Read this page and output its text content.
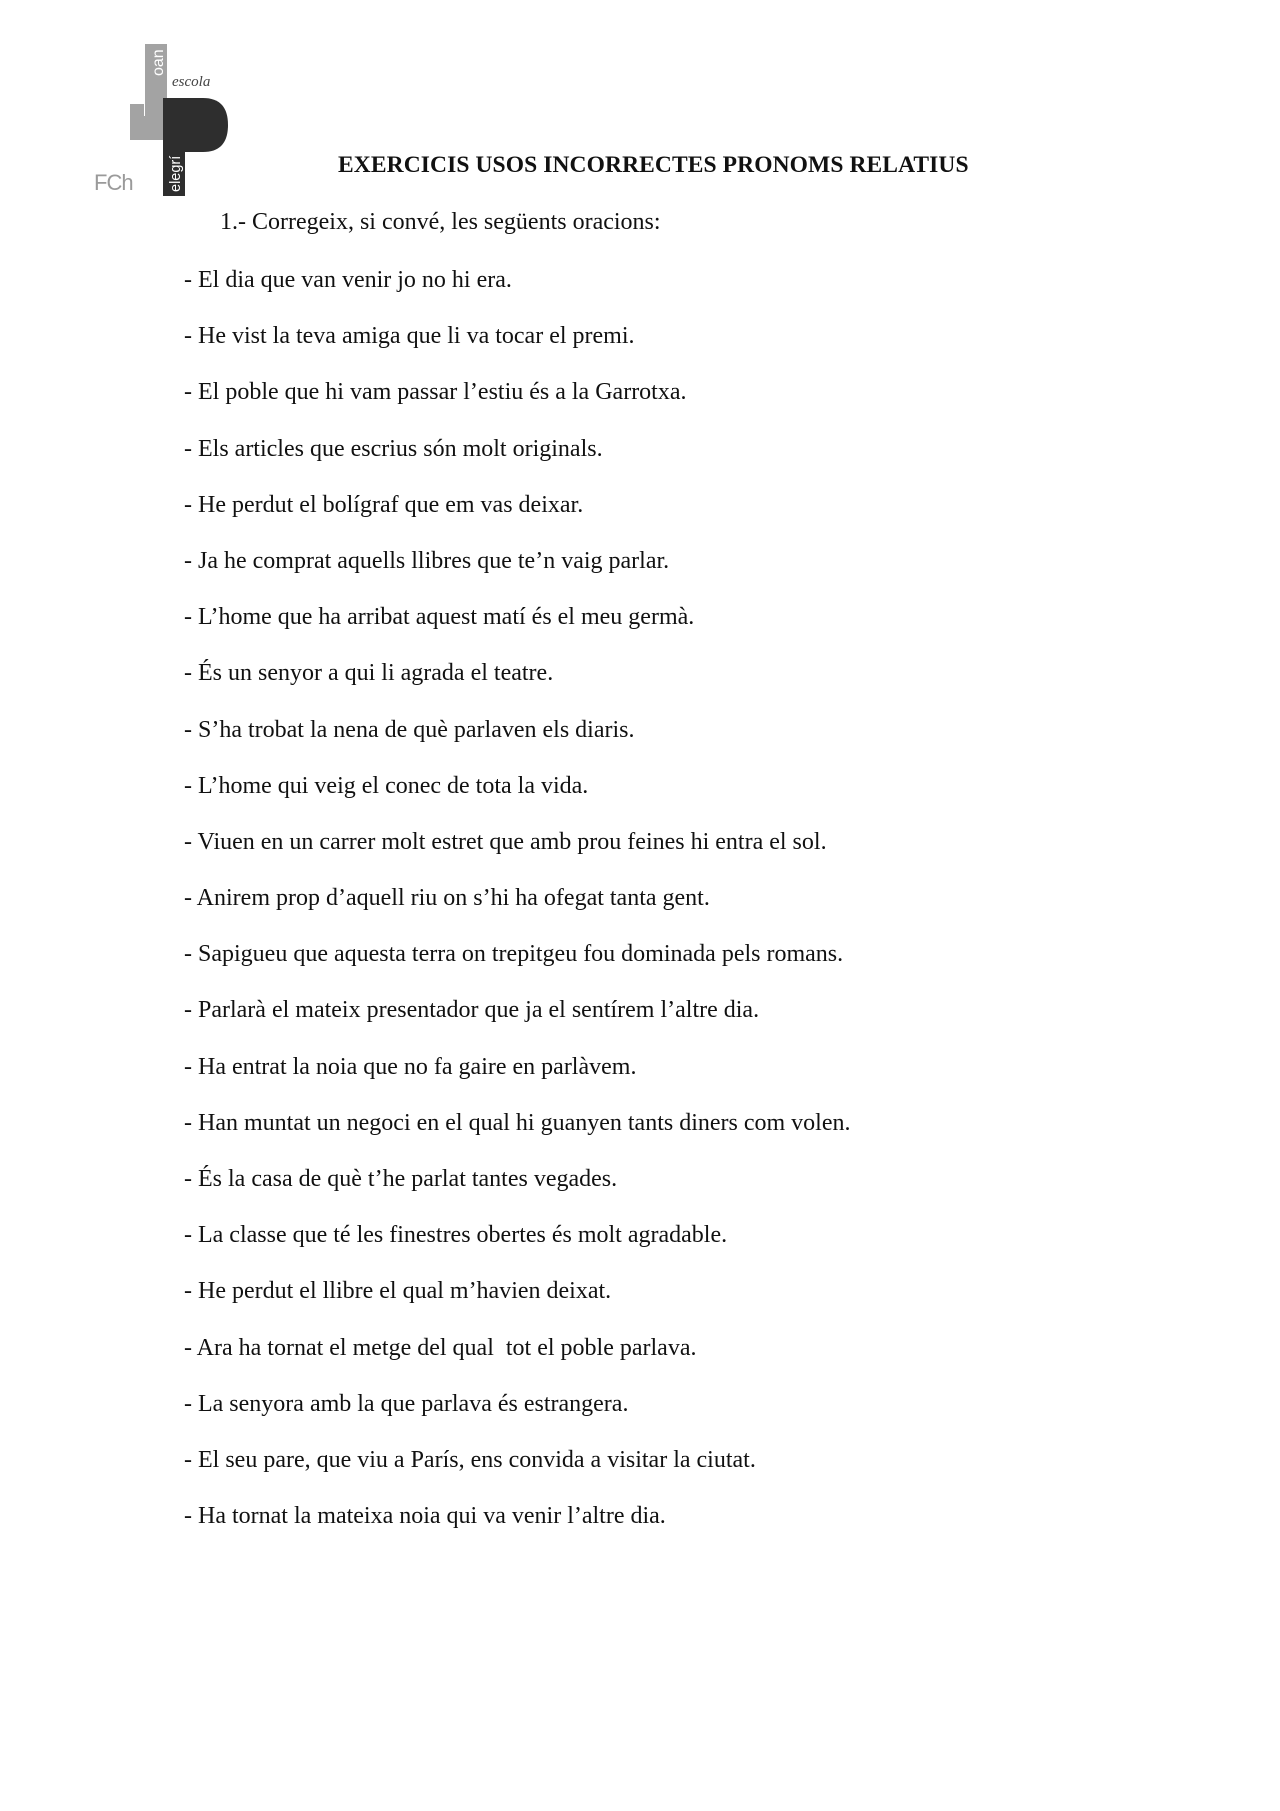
oan
escola
elegrí
FCh
EXERCICIS USOS INCORRECTES PRONOMS RELATIUS
1.- Corregeix, si convé, les següents oracions:
- El dia que van venir jo no hi era.
- He vist la teva amiga que li va tocar el premi.
- El poble que hi vam passar l’estiu és a la Garrotxa.
- Els articles que escrius són molt originals.
- He perdut el bolígraf que em vas deixar.
- Ja he comprat aquells llibres que te’n vaig parlar.
- L’home que ha arribat aquest matí és el meu germà.
- És un senyor a qui li agrada el teatre.
- S’ha trobat la nena de què parlaven els diaris.
- L’home qui veig el conec de tota la vida.
- Viuen en un carrer molt estret que amb prou feines hi entra el sol.
- Anirem prop d’aquell riu on s’hi ha ofegat tanta gent.
- Sapigueu que aquesta terra on trepitgeu fou dominada pels romans.
- Parlarà el mateix presentador que ja el sentírem l’altre dia.
- Ha entrat la noia que no fa gaire en parlàvem.
- Han muntat un negoci en el qual hi guanyen tants diners com volen.
- És la casa de què t’he parlat tantes vegades.
- La classe que té les finestres obertes és molt agradable.
- He perdut el llibre el qual m’havien deixat.
- Ara ha tornat el metge del qual  tot el poble parlava.
- La senyora amb la que parlava és estrangera.
- El seu pare, que viu a París, ens convida a visitar la ciutat.
- Ha tornat la mateixa noia qui va venir l’altre dia.
